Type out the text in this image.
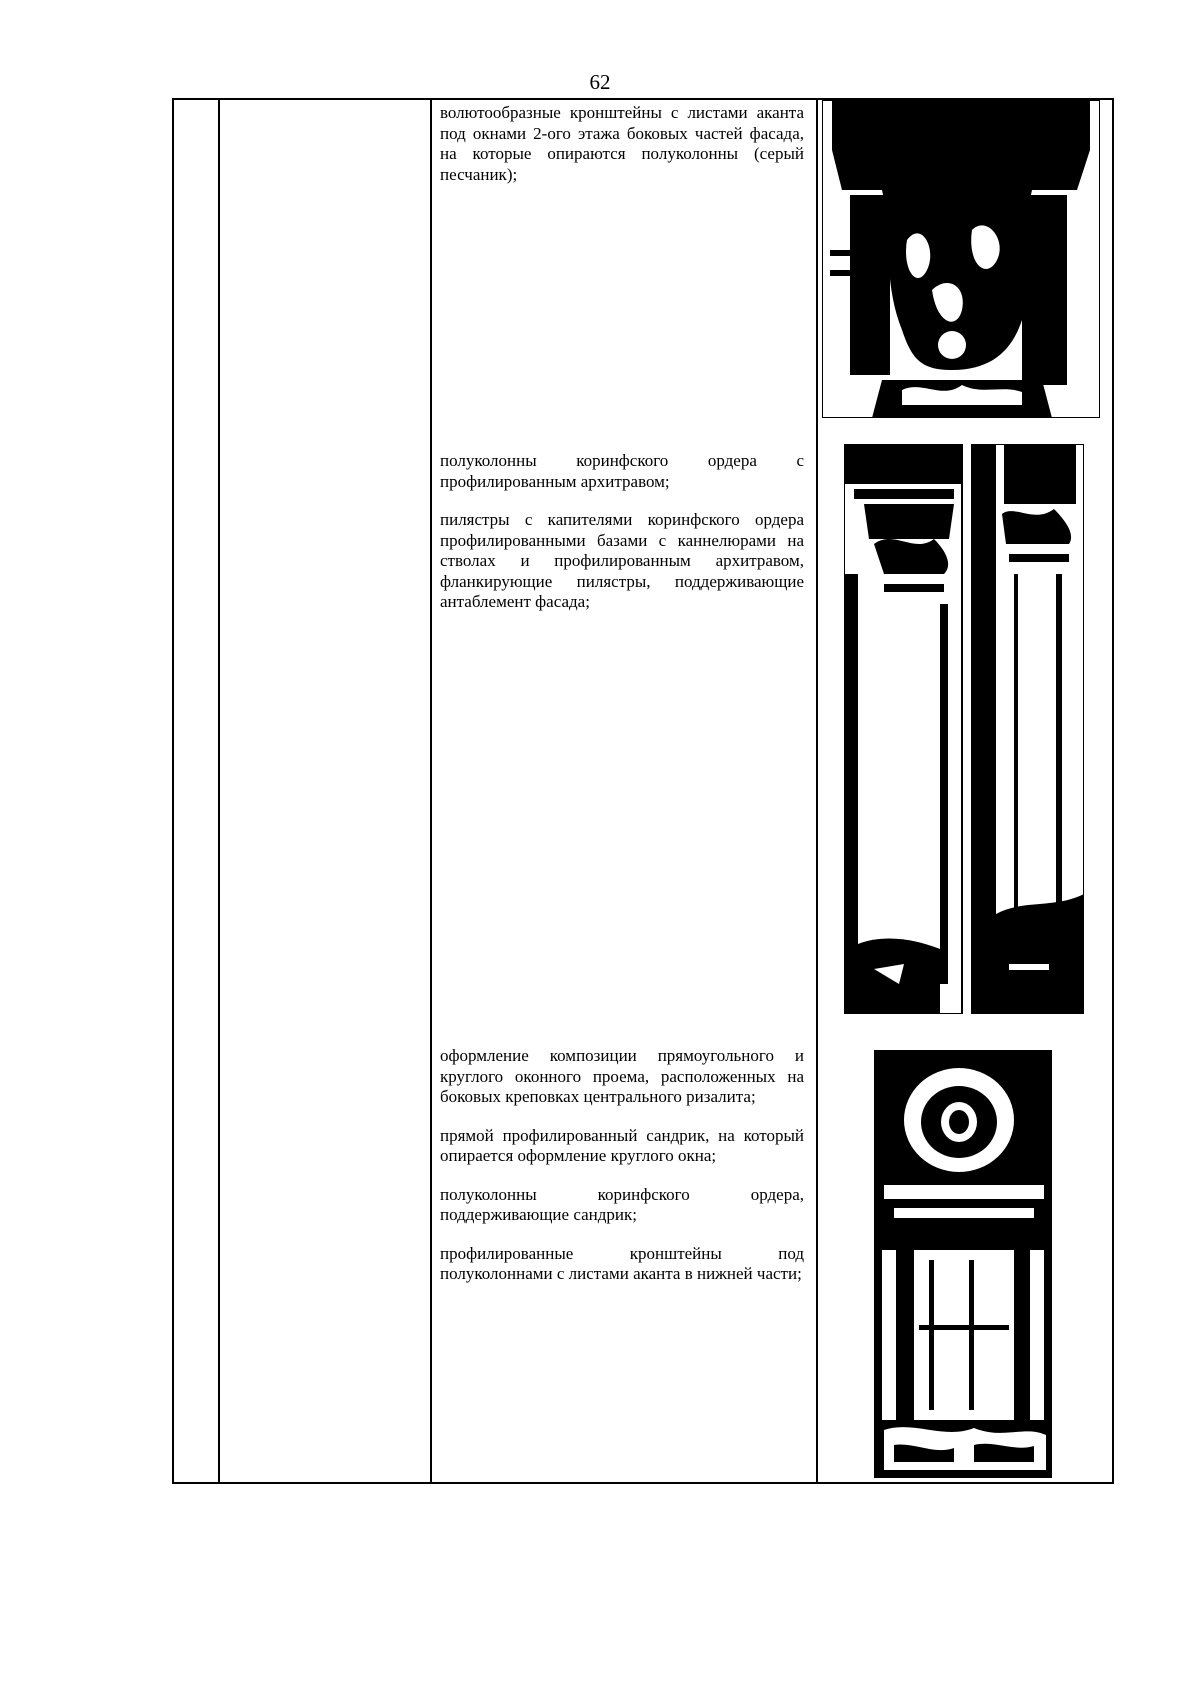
62

волютообразные кронштейны с листами аканта под окнами 2-ого этажа боковых частей фасада, на которые опираются полуколонны (серый песчаник);

полуколонны коринфского ордера с профилированным архитравом;

пилястры с капителями коринфского ордера профилированными базами с каннелюрами на стволах и профилированным архитравом, фланкирующие пилястры, поддерживающие антаблемент фасада;

оформление композиции прямоугольного и круглого оконного проема, расположенных на боковых креповках центрального ризалита;

прямой профилированный сандрик, на который опирается оформление круглого окна;

полуколонны коринфского ордера, поддерживающие сандрик;

профилированные кронштейны под полуколоннами с листами аканта в нижней части;
